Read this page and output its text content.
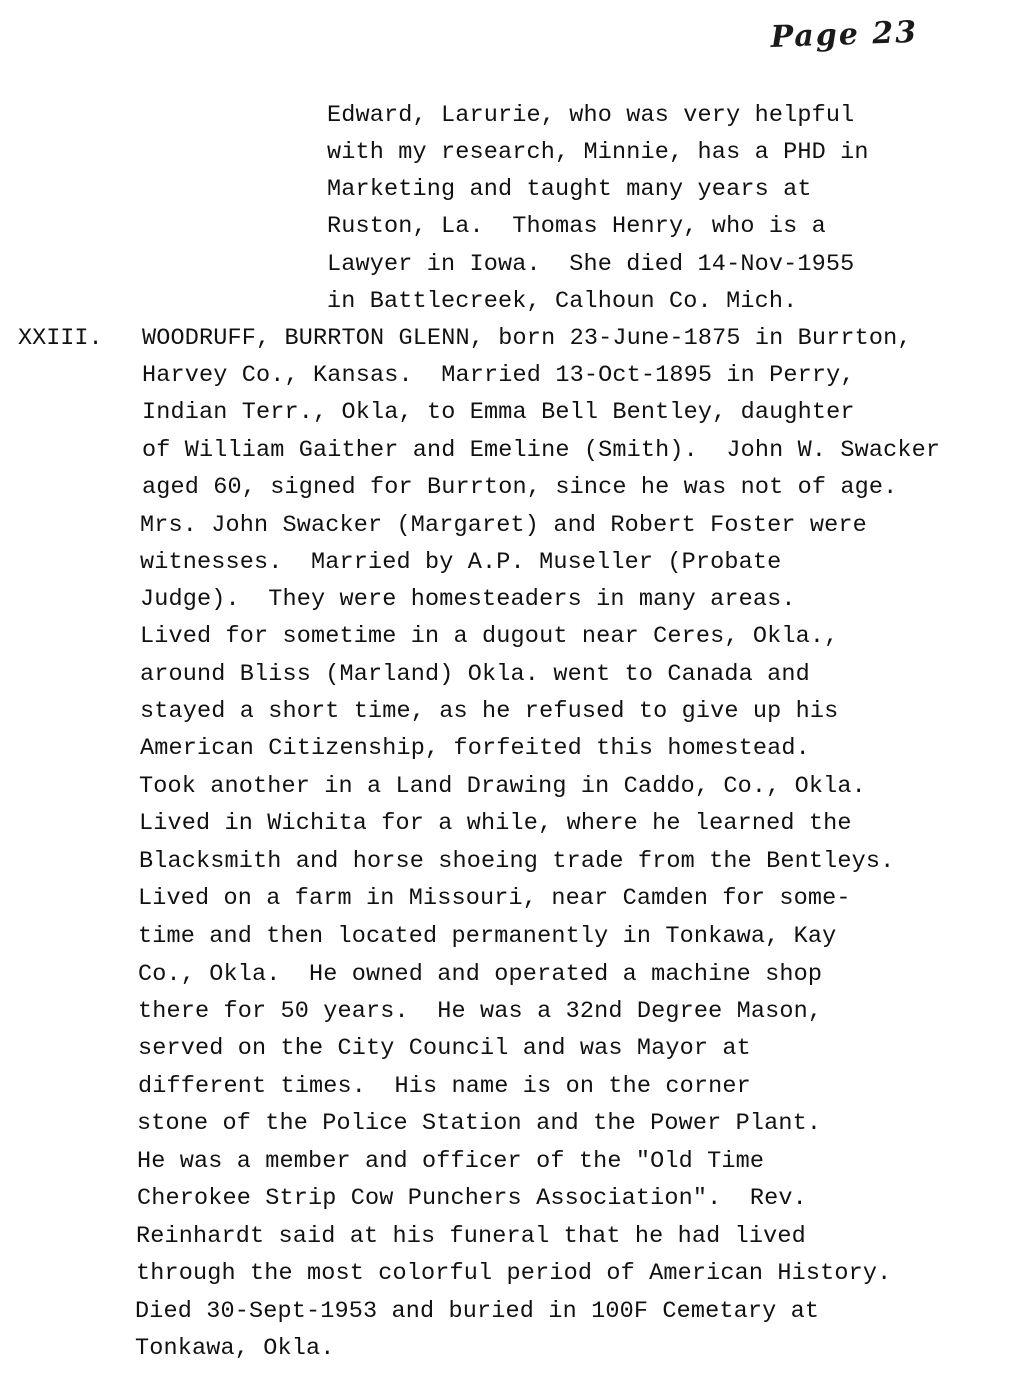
Page 23
Edward, Larurie, who was very helpful
with my research, Minnie, has a PHD in
Marketing and taught many years at
Ruston, La.  Thomas Henry, who is a
Lawyer in Iowa.  She died 14-Nov-1955
in Battlecreek, Calhoun Co. Mich.
XXIII. WOODRUFF, BURRTON GLENN, born 23-June-1875 in Burrton,
Harvey Co., Kansas.  Married 13-Oct-1895 in Perry,
Indian Terr., Okla, to Emma Bell Bentley, daughter
of William Gaither and Emeline (Smith).  John W. Swacker
aged 60, signed for Burrton, since he was not of age.
Mrs. John Swacker (Margaret) and Robert Foster were
witnesses.  Married by A.P. Museller (Probate
Judge).  They were homesteaders in many areas.
Lived for sometime in a dugout near Ceres, Okla.,
around Bliss (Marland) Okla. went to Canada and
stayed a short time, as he refused to give up his
American Citizenship, forfeited this homestead.
Took another in a Land Drawing in Caddo, Co., Okla.
Lived in Wichita for a while, where he learned the
Blacksmith and horse shoeing trade from the Bentleys.
Lived on a farm in Missouri, near Camden for some-
time and then located permanently in Tonkawa, Kay
Co., Okla.  He owned and operated a machine shop
there for 50 years.  He was a 32nd Degree Mason,
served on the City Council and was Mayor at
different times.  His name is on the corner
stone of the Police Station and the Power Plant.
He was a member and officer of the "Old Time
Cherokee Strip Cow Punchers Association".  Rev.
Reinhardt said at his funeral that he had lived
through the most colorful period of American History.
Died 30-Sept-1953 and buried in 100F Cemetary at
Tonkawa, Okla.
